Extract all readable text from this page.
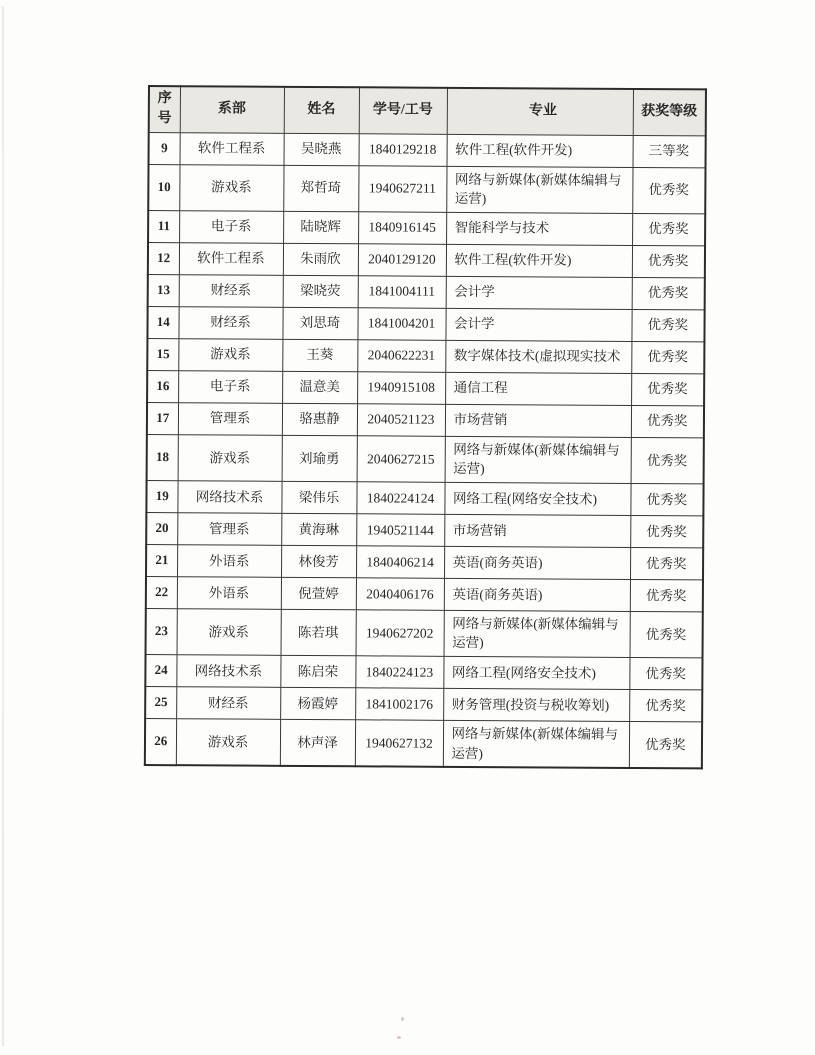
序号	系部	姓名	学号/工号	专业	获奖等级
9	软件工程系	吴晓燕	1840129218	软件工程(软件开发)	三等奖
10	游戏系	郑哲琦	1940627211	网络与新媒体(新媒体编辑与运营)	优秀奖
11	电子系	陆晓辉	1840916145	智能科学与技术	优秀奖
12	软件工程系	朱雨欣	2040129120	软件工程(软件开发)	优秀奖
13	财经系	梁晓荧	1841004111	会计学	优秀奖
14	财经系	刘思琦	1841004201	会计学	优秀奖
15	游戏系	王葵	2040622231	数字媒体技术(虚拟现实技术	优秀奖
16	电子系	温意美	1940915108	通信工程	优秀奖
17	管理系	骆惠静	2040521123	市场营销	优秀奖
18	游戏系	刘瑜勇	2040627215	网络与新媒体(新媒体编辑与运营)	优秀奖
19	网络技术系	梁伟乐	1840224124	网络工程(网络安全技术)	优秀奖
20	管理系	黄海琳	1940521144	市场营销	优秀奖
21	外语系	林俊芳	1840406214	英语(商务英语)	优秀奖
22	外语系	倪萱婷	2040406176	英语(商务英语)	优秀奖
23	游戏系	陈若琪	1940627202	网络与新媒体(新媒体编辑与运营)	优秀奖
24	网络技术系	陈启荣	1840224123	网络工程(网络安全技术)	优秀奖
25	财经系	杨霞婷	1841002176	财务管理(投资与税收筹划)	优秀奖
26	游戏系	林声泽	1940627132	网络与新媒体(新媒体编辑与运营)	优秀奖
